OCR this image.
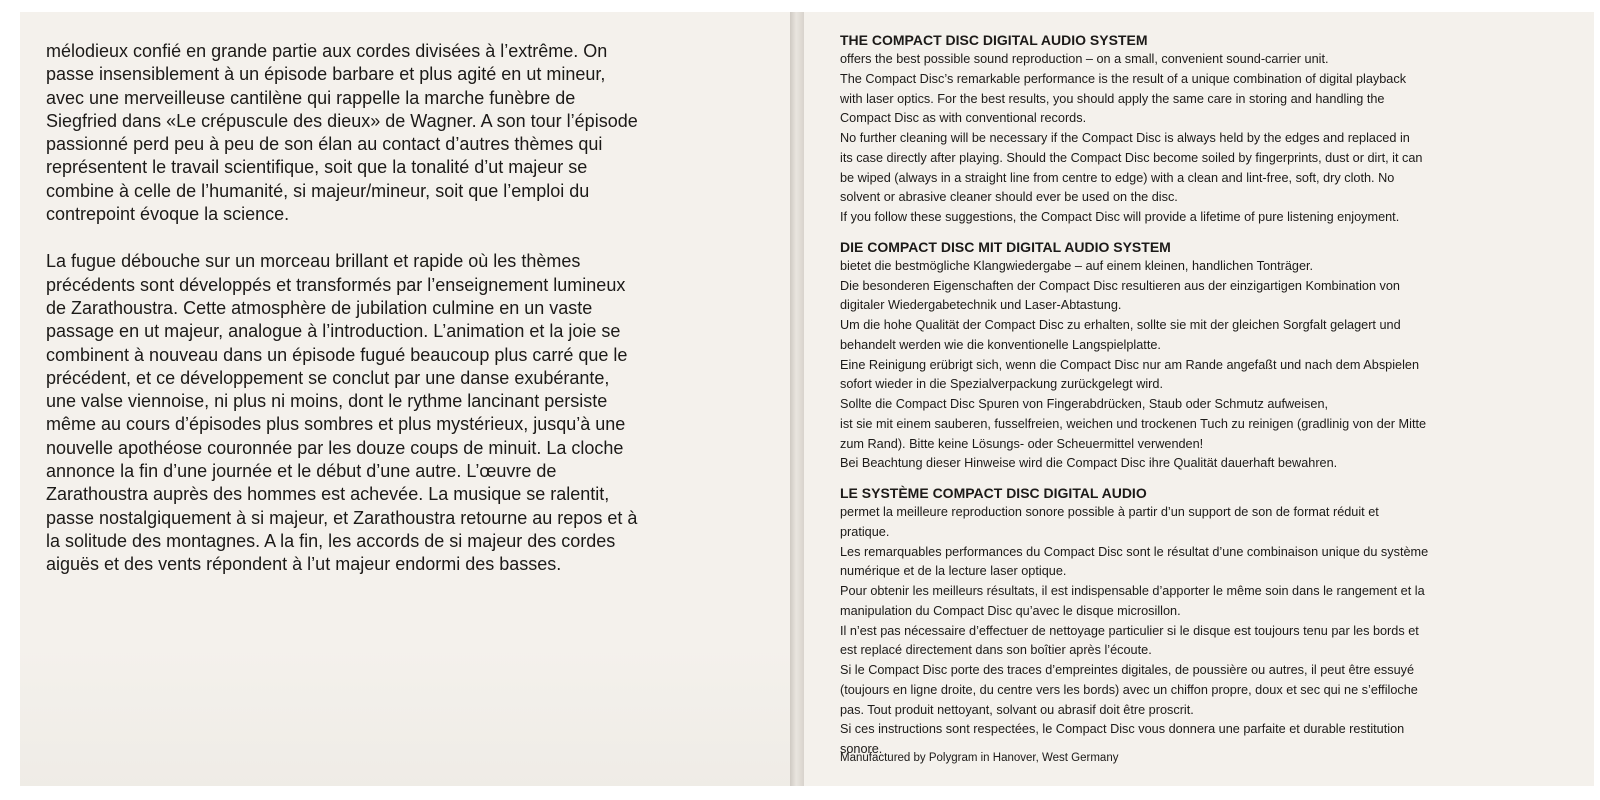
mélodieux confié en grande partie aux cordes divisées à l’extrême. On
passe insensiblement à un épisode barbare et plus agité en ut mineur,
avec une merveilleuse cantilène qui rappelle la marche funèbre de
Siegfried dans «Le crépuscule des dieux» de Wagner. A son tour l’épisode
passionné perd peu à peu de son élan au contact d’autres thèmes qui
représentent le travail scientifique, soit que la tonalité d’ut majeur se
combine à celle de l’humanité, si majeur/mineur, soit que l’emploi du
contrepoint évoque la science.

La fugue débouche sur un morceau brillant et rapide où les thèmes
précédents sont développés et transformés par l’enseignement lumineux
de Zarathoustra. Cette atmosphère de jubilation culmine en un vaste
passage en ut majeur, analogue à l’introduction. L’animation et la joie se
combinent à nouveau dans un épisode fugué beaucoup plus carré que le
précédent, et ce développement se conclut par une danse exubérante,
une valse viennoise, ni plus ni moins, dont le rythme lancinant persiste
même au cours d’épisodes plus sombres et plus mystérieux, jusqu’à une
nouvelle apothéose couronnée par les douze coups de minuit. La cloche
annonce la fin d’une journée et le début d’une autre. L’œuvre de
Zarathoustra auprès des hommes est achevée. La musique se ralentit,
passe nostalgiquement à si majeur, et Zarathoustra retourne au repos et à
la solitude des montagnes. A la fin, les accords de si majeur des cordes
aiguës et des vents répondent à l’ut majeur endormi des basses.

THE COMPACT DISC DIGITAL AUDIO SYSTEM

offers the best possible sound reproduction – on a small, convenient sound-carrier unit.
The Compact Disc’s remarkable performance is the result of a unique combination of digital playback
with laser optics. For the best results, you should apply the same care in storing and handling the
Compact Disc as with conventional records.
No further cleaning will be necessary if the Compact Disc is always held by the edges and replaced in
its case directly after playing. Should the Compact Disc become soiled by fingerprints, dust or dirt, it can
be wiped (always in a straight line from centre to edge) with a clean and lint-free, soft, dry cloth. No
solvent or abrasive cleaner should ever be used on the disc.
If you follow these suggestions, the Compact Disc will provide a lifetime of pure listening enjoyment.

DIE COMPACT DISC MIT DIGITAL AUDIO SYSTEM

bietet die bestmögliche Klangwiedergabe – auf einem kleinen, handlichen Tonträger.
Die besonderen Eigenschaften der Compact Disc resultieren aus der einzigartigen Kombination von
digitaler Wiedergabetechnik und Laser-Abtastung.
Um die hohe Qualität der Compact Disc zu erhalten, sollte sie mit der gleichen Sorgfalt gelagert und
behandelt werden wie die konventionelle Langspielplatte.
Eine Reinigung erübrigt sich, wenn die Compact Disc nur am Rande angefaßt und nach dem Abspielen
sofort wieder in die Spezialverpackung zurückgelegt wird.
Sollte die Compact Disc Spuren von Fingerabdrücken, Staub oder Schmutz aufweisen,
ist sie mit einem sauberen, fusselfreien, weichen und trockenen Tuch zu reinigen (gradlinig von der Mitte
zum Rand). Bitte keine Lösungs- oder Scheuermittel verwenden!
Bei Beachtung dieser Hinweise wird die Compact Disc ihre Qualität dauerhaft bewahren.

LE SYSTÈME COMPACT DISC DIGITAL AUDIO

permet la meilleure reproduction sonore possible à partir d’un support de son de format réduit et
pratique.
Les remarquables performances du Compact Disc sont le résultat d’une combinaison unique du système
numérique et de la lecture laser optique.
Pour obtenir les meilleurs résultats, il est indispensable d’apporter le même soin dans le rangement et la
manipulation du Compact Disc qu’avec le disque microsillon.
Il n’est pas nécessaire d’effectuer de nettoyage particulier si le disque est toujours tenu par les bords et
est replacé directement dans son boîtier après l’écoute.
Si le Compact Disc porte des traces d’empreintes digitales, de poussière ou autres, il peut être essuyé
(toujours en ligne droite, du centre vers les bords) avec un chiffon propre, doux et sec qui ne s’effiloche
pas. Tout produit nettoyant, solvant ou abrasif doit être proscrit.
Si ces instructions sont respectées, le Compact Disc vous donnera une parfaite et durable restitution
sonore.

Manufactured by Polygram in Hanover, West Germany
